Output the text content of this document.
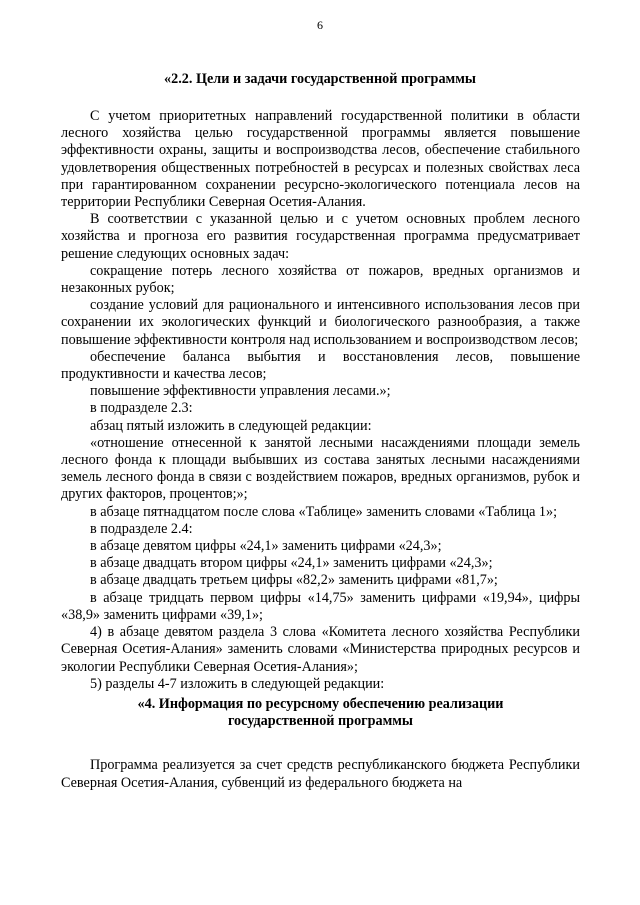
6
«2.2. Цели и задачи государственной программы

С учетом приоритетных направлений государственной политики в области лесного хозяйства целью государственной программы является повышение эффективности охраны, защиты и воспроизводства лесов, обеспечение стабильного удовлетворения общественных потребностей в ресурсах и полезных свойствах леса при гарантированном сохранении ресурсно-экологического потенциала лесов на территории Республики Северная Осетия-Алания.

В соответствии с указанной целью и с учетом основных проблем лесного хозяйства и прогноза его развития государственная программа предусматривает решение следующих основных задач:

сокращение потерь лесного хозяйства от пожаров, вредных организмов и незаконных рубок;

создание условий для рационального и интенсивного использования лесов при сохранении их экологических функций и биологического разнообразия, а также повышение эффективности контроля над использованием и воспроизводством лесов;

обеспечение баланса выбытия и восстановления лесов, повышение продуктивности и качества лесов;

повышение эффективности управления лесами.»;

в подразделе 2.3:

абзац пятый изложить в следующей редакции:

«отношение отнесенной к занятой лесными насаждениями площади земель лесного фонда к площади выбывших из состава занятых лесными насаждениями земель лесного фонда в связи с воздействием пожаров, вредных организмов, рубок и других факторов, процентов;»;

в абзаце пятнадцатом после слова «Таблице» заменить словами «Таблица 1»;

в подразделе 2.4:

в абзаце девятом цифры «24,1» заменить цифрами «24,3»;

в абзаце двадцать втором цифры «24,1» заменить цифрами «24,3»;

в абзаце двадцать третьем цифры «82,2» заменить цифрами «81,7»;

в абзаце тридцать первом цифры «14,75» заменить цифрами «19,94», цифры «38,9» заменить цифрами «39,1»;

4) в абзаце девятом раздела 3 слова «Комитета лесного хозяйства Республики Северная Осетия-Алания» заменить словами «Министерства природных ресурсов и экологии Республики Северная Осетия-Алания»;

5) разделы 4-7 изложить в следующей редакции:

«4. Информация по ресурсному обеспечению реализации

государственной программы

Программа реализуется за счет средств республиканского бюджета Республики Северная Осетия-Алания, субвенций из федерального бюджета на
